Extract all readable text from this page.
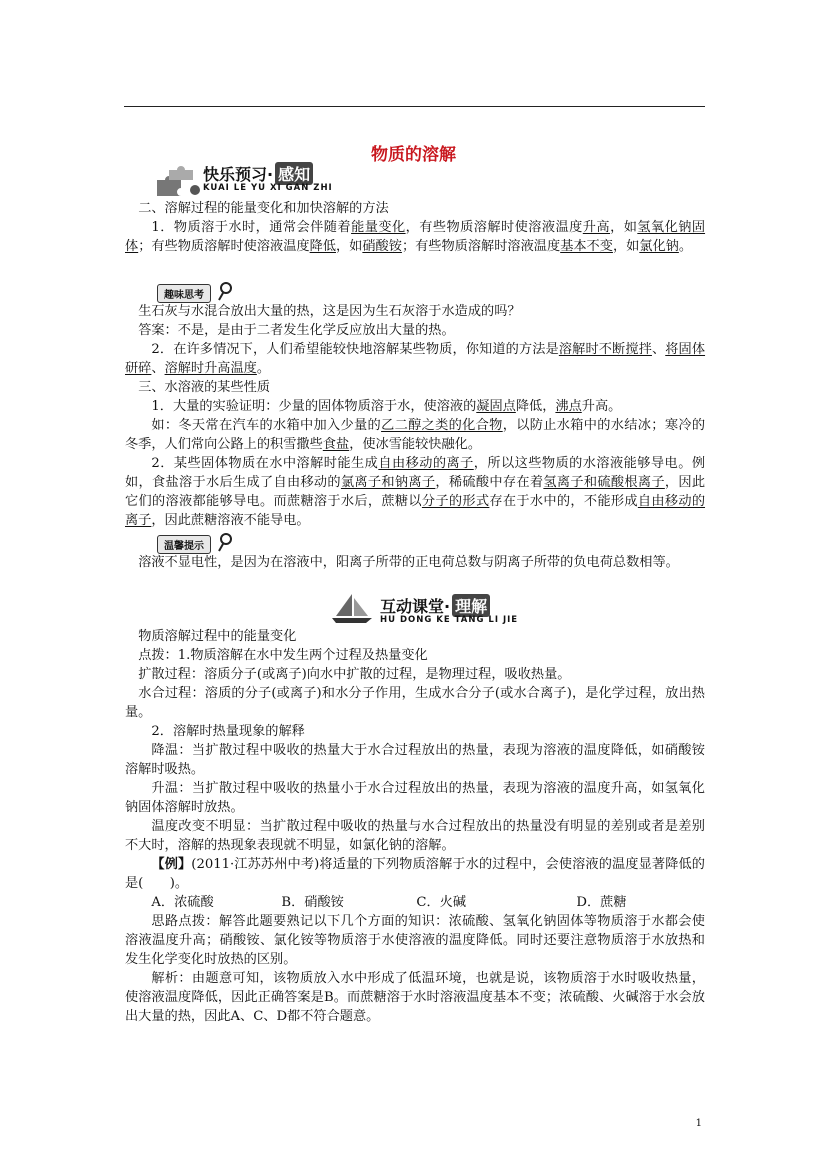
物质的溶解
快乐预习· 感知
KUAI LE YU XI GAN ZHI

二、溶解过程的能量变化和加快溶解的方法

1．物质溶于水时，通常会伴随着能量变化，有些物质溶解时使溶液温度升高，如氢氧化钠固体；有些物质溶解时使溶液温度降低，如硝酸铵；有些物质溶解时溶液温度基本不变，如氯化钠。

趣味思考

生石灰与水混合放出大量的热，这是因为生石灰溶于水造成的吗？

答案：不是，是由于二者发生化学反应放出大量的热。

2．在许多情况下，人们希望能较快地溶解某些物质，你知道的方法是溶解时不断搅拌、将固体研碎、溶解时升高温度。

三、水溶液的某些性质

1．大量的实验证明：少量的固体物质溶于水，使溶液的凝固点降低，沸点升高。

如：冬天常在汽车的水箱中加入少量的乙二醇之类的化合物，以防止水箱中的水结冰；寒冷的冬季，人们常向公路上的积雪撒些食盐，使冰雪能较快融化。

2．某些固体物质在水中溶解时能生成自由移动的离子，所以这些物质的水溶液能够导电。例如，食盐溶于水后生成了自由移动的氯离子和钠离子，稀硫酸中存在着氢离子和硫酸根离子，因此它们的溶液都能够导电。而蔗糖溶于水后，蔗糖以分子的形式存在于水中的，不能形成自由移动的离子，因此蔗糖溶液不能导电。

温馨提示

溶液不显电性，是因为在溶液中，阳离子所带的正电荷总数与阴离子所带的负电荷总数相等。

互动课堂· 理解
HU DONG KE TANG LI JIE

物质溶解过程中的能量变化

点拨：1.物质溶解在水中发生两个过程及热量变化

扩散过程：溶质分子(或离子)向水中扩散的过程，是物理过程，吸收热量。

水合过程：溶质的分子(或离子)和水分子作用，生成水合分子(或水合离子)，是化学过程，放出热量。

2．溶解时热量现象的解释

降温：当扩散过程中吸收的热量大于水合过程放出的热量，表现为溶液的温度降低，如硝酸铵溶解时吸热。

升温：当扩散过程中吸收的热量小于水合过程放出的热量，表现为溶液的温度升高，如氢氧化钠固体溶解时放热。

温度改变不明显：当扩散过程中吸收的热量与水合过程放出的热量没有明显的差别或者是差别不大时，溶解的热现象表现就不明显，如氯化钠的溶解。

【例】(2011·江苏苏州中考)将适量的下列物质溶解于水的过程中，会使溶液的温度显著降低的是(　　)。

A．浓硫酸	B．硝酸铵	C．火碱	D．蔗糖

思路点拨：解答此题要熟记以下几个方面的知识：浓硫酸、氢氧化钠固体等物质溶于水都会使溶液温度升高；硝酸铵、氯化铵等物质溶于水使溶液的温度降低。同时还要注意物质溶于水放热和发生化学变化时放热的区别。

解析：由题意可知，该物质放入水中形成了低温环境，也就是说，该物质溶于水时吸收热量，使溶液温度降低，因此正确答案是B。而蔗糖溶于水时溶液温度基本不变；浓硫酸、火碱溶于水会放出大量的热，因此A、C、D都不符合题意。

1
